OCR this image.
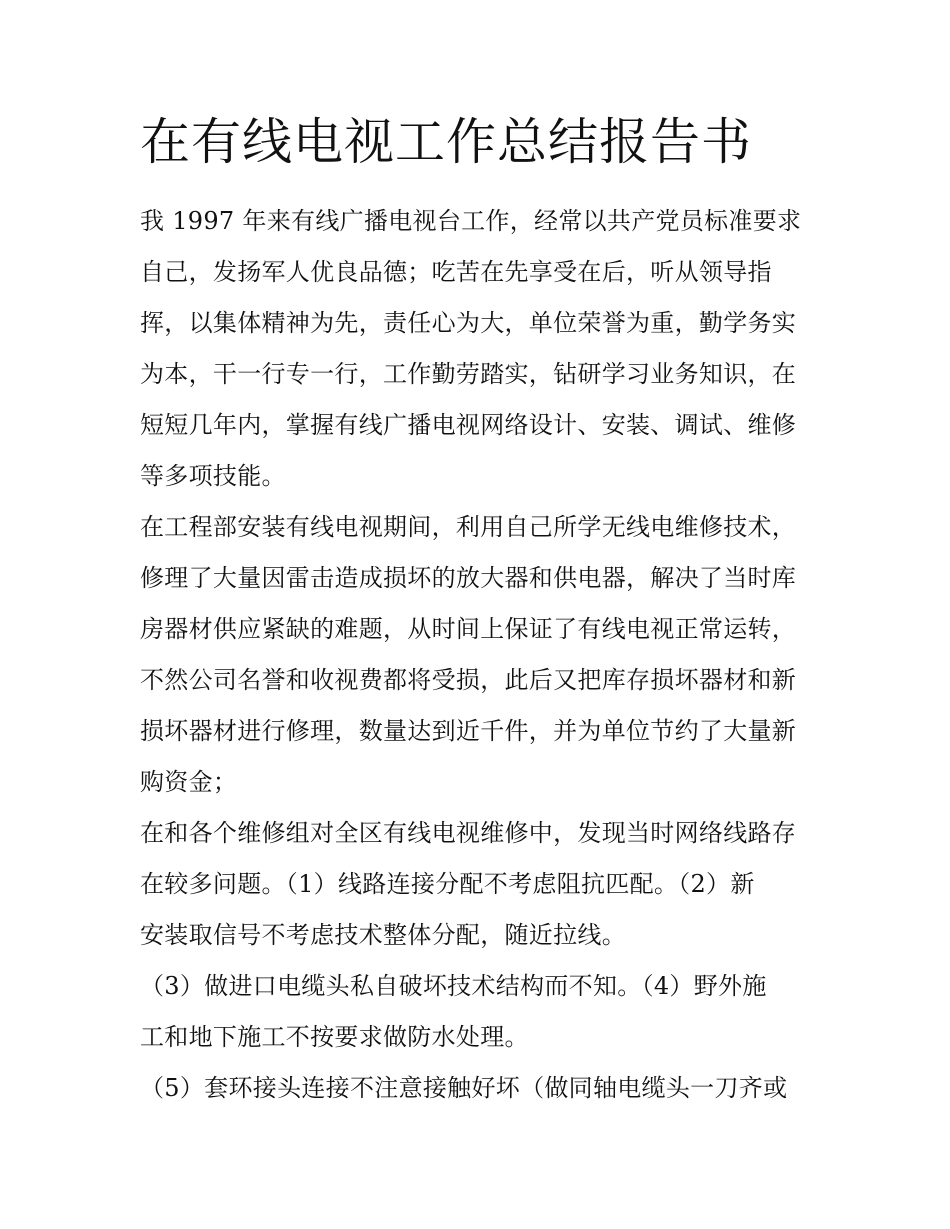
在有线电视工作总结报告书
我 1997 年来有线广播电视台工作，经常以共产党员标准要求
自己，发扬军人优良品德；吃苦在先享受在后，听从领导指
挥，以集体精神为先，责任心为大，单位荣誉为重，勤学务实
为本，干一行专一行，工作勤劳踏实，钻研学习业务知识，在
短短几年内，掌握有线广播电视网络设计、安装、调试、维修
等多项技能。
在工程部安装有线电视期间，利用自己所学无线电维修技术，
修理了大量因雷击造成损坏的放大器和供电器，解决了当时库
房器材供应紧缺的难题，从时间上保证了有线电视正常运转，
不然公司名誉和收视费都将受损，此后又把库存损坏器材和新
损坏器材进行修理，数量达到近千件，并为单位节约了大量新
购资金；
在和各个维修组对全区有线电视维修中，发现当时网络线路存
在较多问题。（1）线路连接分配不考虑阻抗匹配。（2）新
安装取信号不考虑技术整体分配，随近拉线。
（3）做进口电缆头私自破坏技术结构而不知。（4）野外施
工和地下施工不按要求做防水处理。
（5）套环接头连接不注意接触好坏（做同轴电缆头一刀齐或
